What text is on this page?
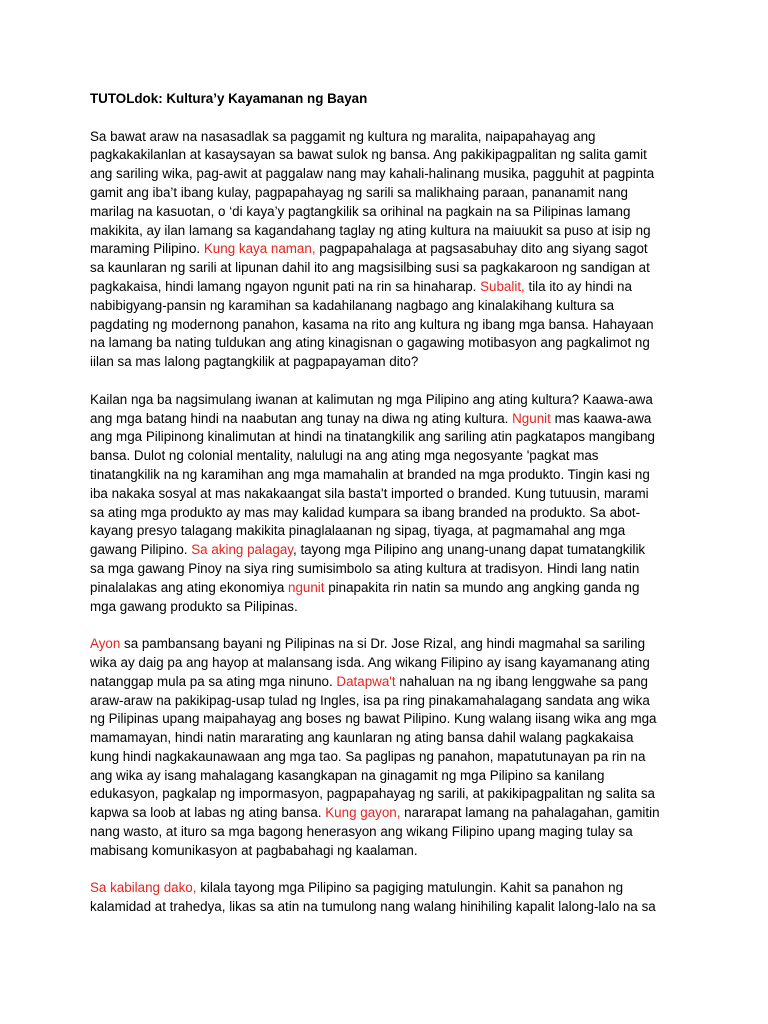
TUTOLdok: Kultura’y Kayamanan ng Bayan
Sa bawat araw na nasasadlak sa paggamit ng kultura ng maralita, naipapahayag ang
pagkakakilanlan at kasaysayan sa bawat sulok ng bansa. Ang pakikipagpalitan ng salita gamit
ang sariling wika, pag-awit at paggalaw nang may kahali-halinang musika, pagguhit at pagpinta
gamit ang iba’t ibang kulay, pagpapahayag ng sarili sa malikhaing paraan, pananamit nang
marilag na kasuotan, o ‘di kaya’y pagtangkilik sa orihinal na pagkain na sa Pilipinas lamang
makikita, ay ilan lamang sa kagandahang taglay ng ating kultura na maiuukit sa puso at isip ng
maraming Pilipino. Kung kaya naman, pagpapahalaga at pagsasabuhay dito ang siyang sagot
sa kaunlaran ng sarili at lipunan dahil ito ang magsisilbing susi sa pagkakaroon ng sandigan at
pagkakaisa, hindi lamang ngayon ngunit pati na rin sa hinaharap. Subalit, tila ito ay hindi na
nabibigyang-pansin ng karamihan sa kadahilanang nagbago ang kinalakihang kultura sa
pagdating ng modernong panahon, kasama na rito ang kultura ng ibang mga bansa. Hahayaan
na lamang ba nating tuldukan ang ating kinagisnan o gagawing motibasyon ang pagkalimot ng
iilan sa mas lalong pagtangkilik at pagpapayaman dito?
Kailan nga ba nagsimulang iwanan at kalimutan ng mga Pilipino ang ating kultura? Kaawa-awa
ang mga batang hindi na naabutan ang tunay na diwa ng ating kultura. Ngunit mas kaawa-awa
ang mga Pilipinong kinalimutan at hindi na tinatangkilik ang sariling atin pagkatapos mangibang
bansa. Dulot ng colonial mentality, nalulugi na ang ating mga negosyante 'pagkat mas
tinatangkilik na ng karamihan ang mga mamahalin at branded na mga produkto. Tingin kasi ng
iba nakaka sosyal at mas nakakaangat sila basta't imported o branded. Kung tutuusin, marami
sa ating mga produkto ay mas may kalidad kumpara sa ibang branded na produkto. Sa abot-
kayang presyo talagang makikita pinaglalaanan ng sipag, tiyaga, at pagmamahal ang mga
gawang Pilipino. Sa aking palagay, tayong mga Pilipino ang unang-unang dapat tumatangkilik
sa mga gawang Pinoy na siya ring sumisimbolo sa ating kultura at tradisyon. Hindi lang natin
pinalalakas ang ating ekonomiya ngunit pinapakita rin natin sa mundo ang angking ganda ng
mga gawang produkto sa Pilipinas.
Ayon sa pambansang bayani ng Pilipinas na si Dr. Jose Rizal, ang hindi magmahal sa sariling
wika ay daig pa ang hayop at malansang isda. Ang wikang Filipino ay isang kayamanang ating
natanggap mula pa sa ating mga ninuno. Datapwa't nahaluan na ng ibang lenggwahe sa pang
araw-araw na pakikipag-usap tulad ng Ingles, isa pa ring pinakamahalagang sandata ang wika
ng Pilipinas upang maipahayag ang boses ng bawat Pilipino. Kung walang iisang wika ang mga
mamamayan, hindi natin mararating ang kaunlaran ng ating bansa dahil walang pagkakaisa
kung hindi nagkakaunawaan ang mga tao. Sa paglipas ng panahon, mapatutunayan pa rin na
ang wika ay isang mahalagang kasangkapan na ginagamit ng mga Pilipino sa kanilang
edukasyon, pagkalap ng impormasyon, pagpapahayag ng sarili, at pakikipagpalitan ng salita sa
kapwa sa loob at labas ng ating bansa. Kung gayon, nararapat lamang na pahalagahan, gamitin
nang wasto, at ituro sa mga bagong henerasyon ang wikang Filipino upang maging tulay sa
mabisang komunikasyon at pagbabahagi ng kaalaman.
Sa kabilang dako, kilala tayong mga Pilipino sa pagiging matulungin. Kahit sa panahon ng
kalamidad at trahedya, likas sa atin na tumulong nang walang hinihiling kapalit lalong-lalo na sa
